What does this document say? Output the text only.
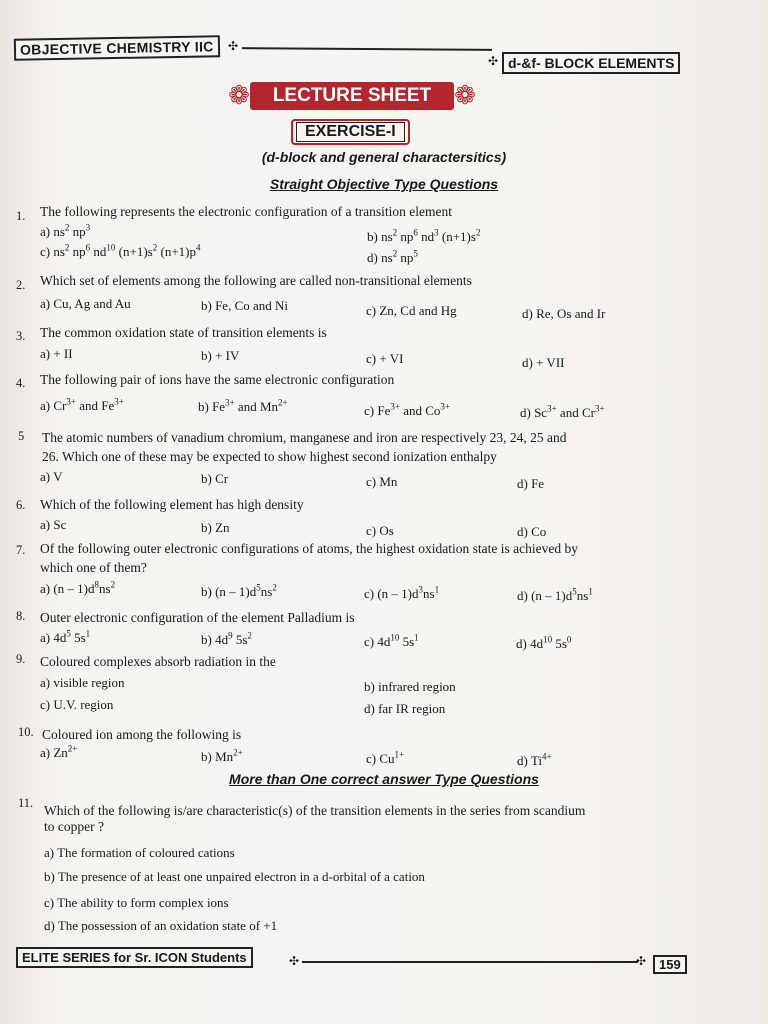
OBJECTIVE CHEMISTRY IIC	✣
✣ d-&f- BLOCK ELEMENTS
❁	LECTURE SHEET ❁
EXERCISE-I
(d-block and general charactersitics)
Straight Objective Type Questions
1. The following represents the electronic configuration of a transition element
a) $ns^2$ $np^3$
b) $ns^2$ $np^6$ $nd^3$ $(n+1)s^2$
c) $ns^2$ $np^6$ $nd^{10}$ $(n+1)s^2$ $(n+1)p^4$
d) $ns^2$ $np^5$
2. Which set of elements among the following are called non-transitional elements
a) Cu, Ag and Au	b) Fe, Co and Ni	c) Zn, Cd and Hg	d) Re, Os and Ir
3. The common oxidation state of transition elements is
a) + II	b) + IV	c) + VI	d) + VII
4. The following pair of ions have the same electronic configuration
a) $Cr^{3+}$ and $Fe^{3+}$	b) $Fe^{3+}$ and $Mn^{2+}$
c) $Fe^{3+}$ and $Co^{3+}$	d) $Sc^{3+}$ and $Cr^{3+}$
5 The atomic numbers of vanadium chromium, manganese and iron are respectively 23, 24, 25 and
26. Which one of these may be expected to show highest second ionization enthalpy
a) V	b) Cr	c) Mn	d) Fe
6. Which of the following element has high density
a) Sc	b) Zn	c) Os	d) Co
7. Of the following outer electronic configurations of atoms, the highest oxidation state is achieved by
which one of them?
a) $(n - 1)d^8ns^2$	b) $(n - 1)d^5ns^2$	c) $(n - 1)d^3ns^1$	d) $(n - 1)d^5ns^1$
8. Outer electronic configuration of the element Palladium is
a) $4d^5$ $5s^1$	b) $4d^9$ $5s^2$	c) $4d^{10}$ $5s^1$	d) $4d^{10}$ $5s^0$
9. Coloured complexes absorb radiation in the
a) visible region	b) infrared region
c) U.V. region	d) far IR region
10. Coloured ion among the following is
a) $Zn^{2+}$
b) $Mn^{2+}$	c) $Cu^{1+}$	d) $Ti^{4+}$
More than One correct answer Type Questions
11. Which of the following is/are characteristic(s) of the transition elements in the series from scandium
to copper ?
a) The formation of coloured cations
b) The presence of at least one unpaired electron in a d-orbital of a cation
c) The ability to form complex ions
d) The possession of an oxidation state of +1
ELITE SERIES for Sr. ICON Students	✣	✣ 159
